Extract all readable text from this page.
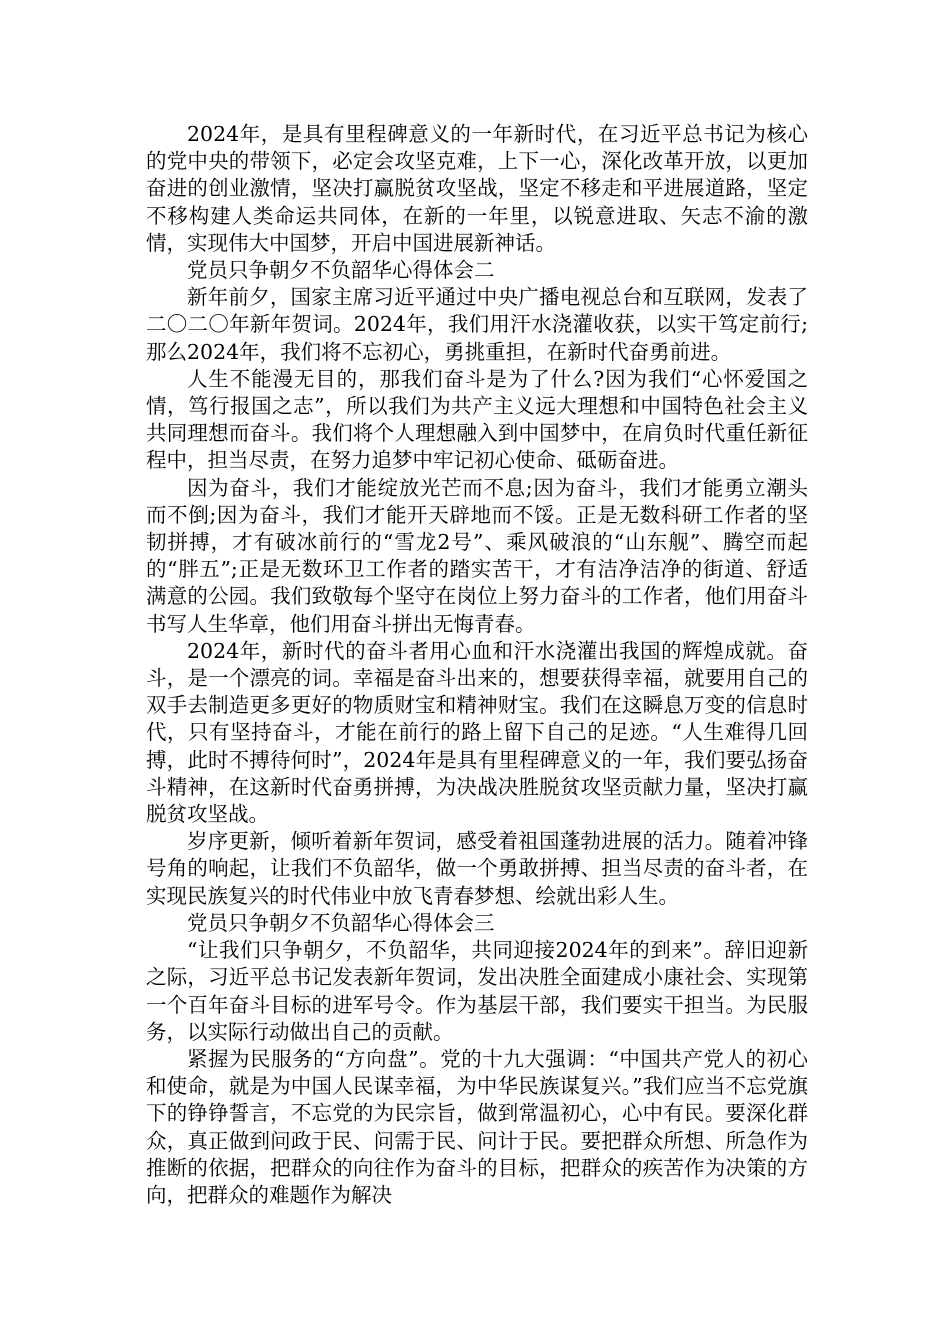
2024年，是具有里程碑意义的一年新时代，在习近平总书记为核心的党中央的带领下，必定会攻坚克难，上下一心，深化改革开放，以更加奋进的创业激情，坚决打赢脱贫攻坚战，坚定不移走和平进展道路，坚定不移构建人类命运共同体，在新的一年里，以锐意进取、矢志不渝的激情，实现伟大中国梦，开启中国进展新神话。

党员只争朝夕不负韶华心得体会二

新年前夕，国家主席习近平通过中央广播电视总台和互联网，发表了二〇二〇年新年贺词。2024年，我们用汗水浇灌收获，以实干笃定前行;那么2024年，我们将不忘初心，勇挑重担，在新时代奋勇前进。

人生不能漫无目的，那我们奋斗是为了什么?因为我们“心怀爱国之情，笃行报国之志”，所以我们为共产主义远大理想和中国特色社会主义共同理想而奋斗。我们将个人理想融入到中国梦中，在肩负时代重任新征程中，担当尽责，在努力追梦中牢记初心使命、砥砺奋进。

因为奋斗，我们才能绽放光芒而不息;因为奋斗，我们才能勇立潮头而不倒;因为奋斗，我们才能开天辟地而不馁。正是无数科研工作者的坚韧拼搏，才有破冰前行的“雪龙2号”、乘风破浪的“山东舰”、腾空而起的“胖五”;正是无数环卫工作者的踏实苦干，才有洁净洁净的街道、舒适满意的公园。我们致敬每个坚守在岗位上努力奋斗的工作者，他们用奋斗书写人生华章，他们用奋斗拼出无悔青春。

2024年，新时代的奋斗者用心血和汗水浇灌出我国的辉煌成就。奋斗，是一个漂亮的词。幸福是奋斗出来的，想要获得幸福，就要用自己的双手去制造更多更好的物质财宝和精神财宝。我们在这瞬息万变的信息时代，只有坚持奋斗，才能在前行的路上留下自己的足迹。“人生难得几回搏，此时不搏待何时”，2024年是具有里程碑意义的一年，我们要弘扬奋斗精神，在这新时代奋勇拼搏，为决战决胜脱贫攻坚贡献力量，坚决打赢脱贫攻坚战。

岁序更新，倾听着新年贺词，感受着祖国蓬勃进展的活力。随着冲锋号角的响起，让我们不负韶华，做一个勇敢拼搏、担当尽责的奋斗者，在实现民族复兴的时代伟业中放飞青春梦想、绘就出彩人生。

党员只争朝夕不负韶华心得体会三

“让我们只争朝夕，不负韶华，共同迎接2024年的到来”。辞旧迎新之际，习近平总书记发表新年贺词，发出决胜全面建成小康社会、实现第一个百年奋斗目标的进军号令。作为基层干部，我们要实干担当。为民服务，以实际行动做出自己的贡献。

紧握为民服务的“方向盘”。党的十九大强调：“中国共产党人的初心和使命，就是为中国人民谋幸福，为中华民族谋复兴。”我们应当不忘党旗下的铮铮誓言，不忘党的为民宗旨，做到常温初心，心中有民。要深化群众，真正做到问政于民、问需于民、问计于民。要把群众所想、所急作为推断的依据，把群众的向往作为奋斗的目标，把群众的疾苦作为决策的方向，把群众的难题作为解决
